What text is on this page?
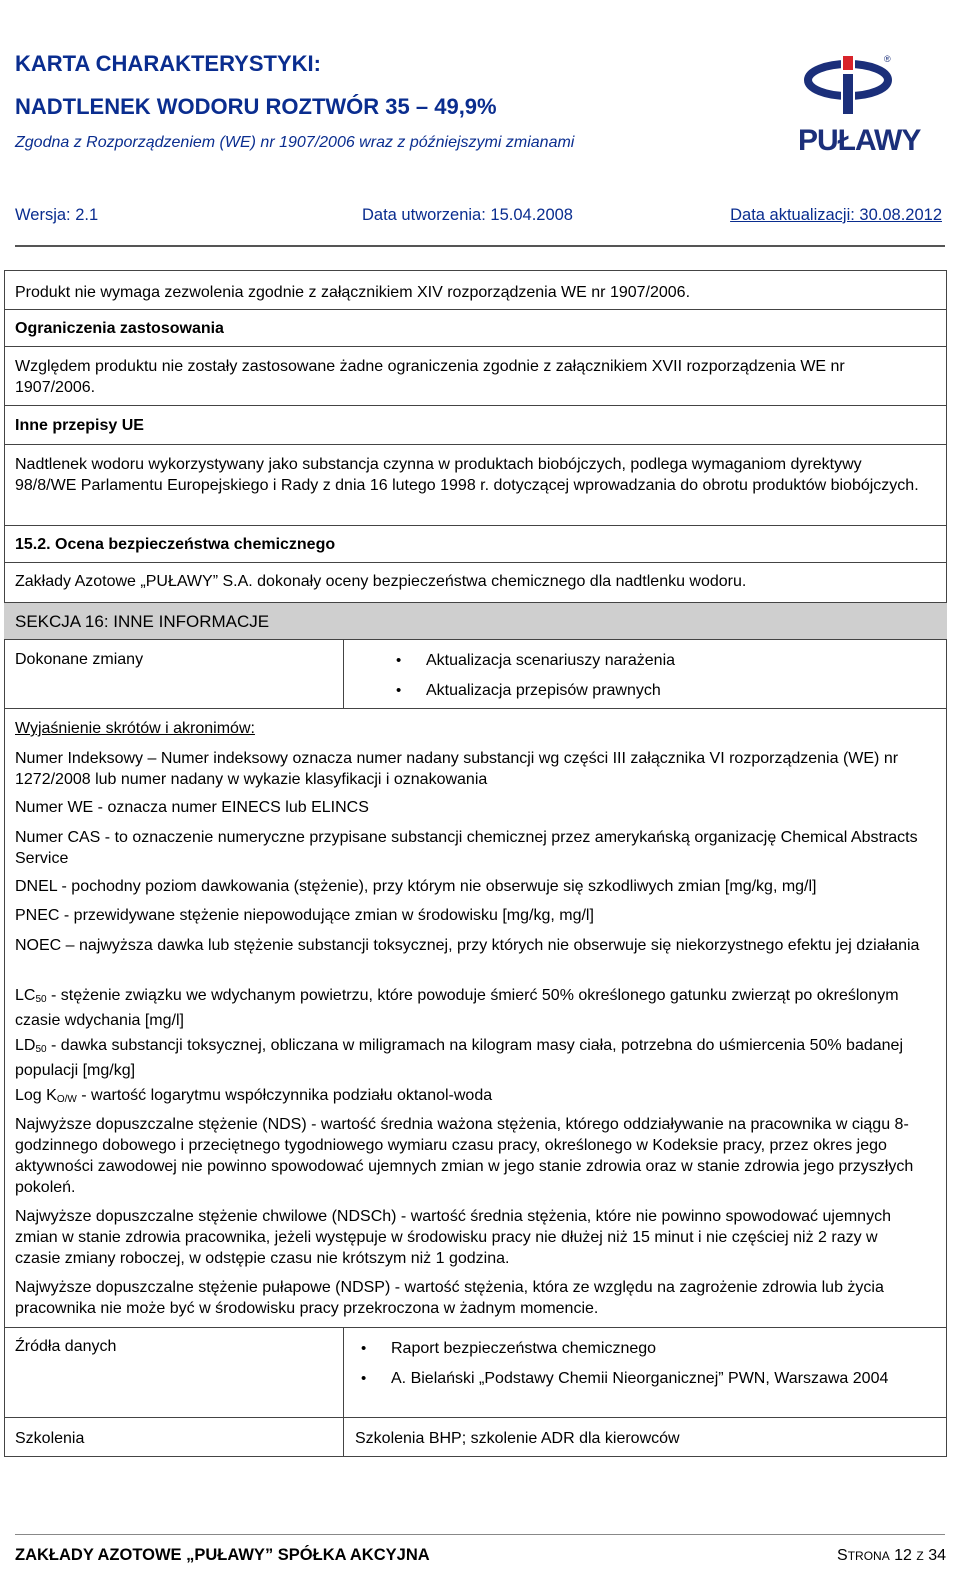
KARTA CHARAKTERYSTYKI:
NADTLENEK WODORU ROZTWÓR 35 – 49,9%
Zgodna z Rozporządzeniem (WE) nr 1907/2006 wraz z późniejszymi zmianami
®
PUŁAWY
Wersja: 2.1	Data utworzenia: 15.04.2008	Data aktualizacji: 30.08.2012
Produkt nie wymaga zezwolenia zgodnie z załącznikiem XIV rozporządzenia WE nr 1907/2006.
Ograniczenia zastosowania
Względem produktu nie zostały zastosowane żadne ograniczenia zgodnie z załącznikiem XVII rozporządzenia WE nr 1907/2006.
Inne przepisy UE
Nadtlenek wodoru wykorzystywany jako substancja czynna w produktach biobójczych, podlega wymaganiom dyrektywy 98/8/WE Parlamentu Europejskiego i Rady z dnia 16 lutego 1998 r. dotyczącej wprowadzania do obrotu produktów biobójczych.
15.2. Ocena bezpieczeństwa chemicznego
Zakłady Azotowe „PUŁAWY” S.A. dokonały oceny bezpieczeństwa chemicznego dla nadtlenku wodoru.
SEKCJA 16: INNE INFORMACJE
Dokonane zmiany	• Aktualizacja scenariuszy narażenia
• Aktualizacja przepisów prawnych
Wyjaśnienie skrótów i akronimów:
Numer Indeksowy – Numer indeksowy oznacza numer nadany substancji wg części III załącznika VI rozporządzenia (WE) nr 1272/2008 lub numer nadany w wykazie klasyfikacji i oznakowania
Numer WE - oznacza numer EINECS lub ELINCS
Numer CAS - to oznaczenie numeryczne przypisane substancji chemicznej przez amerykańską organizację Chemical Abstracts Service
DNEL - pochodny poziom dawkowania (stężenie), przy którym nie obserwuje się szkodliwych zmian [mg/kg, mg/l]
PNEC - przewidywane stężenie niepowodujące zmian w środowisku [mg/kg, mg/l]
NOEC – najwyższa dawka lub stężenie substancji toksycznej, przy których nie obserwuje się niekorzystnego efektu jej działania
$LC_{50}$ - stężenie związku we wdychanym powietrzu, które powoduje śmierć 50% określonego gatunku zwierząt po określonym czasie wdychania [mg/l]
$LD_{50}$ - dawka substancji toksycznej, obliczana w miligramach na kilogram masy ciała, potrzebna do uśmiercenia 50% badanej populacji [mg/kg]
Log $K_{O/W}$ - wartość logarytmu współczynnika podziału oktanol-woda
Najwyższe dopuszczalne stężenie (NDS) - wartość średnia ważona stężenia, którego oddziaływanie na pracownika w ciągu 8-godzinnego dobowego i przeciętnego tygodniowego wymiaru czasu pracy, określonego w Kodeksie pracy, przez okres jego aktywności zawodowej nie powinno spowodować ujemnych zmian w jego stanie zdrowia oraz w stanie zdrowia jego przyszłych pokoleń.
Najwyższe dopuszczalne stężenie chwilowe (NDSCh) - wartość średnia stężenia, które nie powinno spowodować ujemnych zmian w stanie zdrowia pracownika, jeżeli występuje w środowisku pracy nie dłużej niż 15 minut i nie częściej niż 2 razy w czasie zmiany roboczej, w odstępie czasu nie krótszym niż 1 godzina.
Najwyższe dopuszczalne stężenie pułapowe (NDSP) - wartość stężenia, która ze względu na zagrożenie zdrowia lub życia pracownika nie może być w środowisku pracy przekroczona w żadnym momencie.
Źródła danych	• Raport bezpieczeństwa chemicznego
• A. Bielański „Podstawy Chemii Nieorganicznej” PWN, Warszawa 2004
Szkolenia	Szkolenia BHP; szkolenie ADR dla kierowców
ZAKŁADY AZOTOWE „PUŁAWY” SPÓŁKA AKCYJNA	STRONA 12 Z 34
